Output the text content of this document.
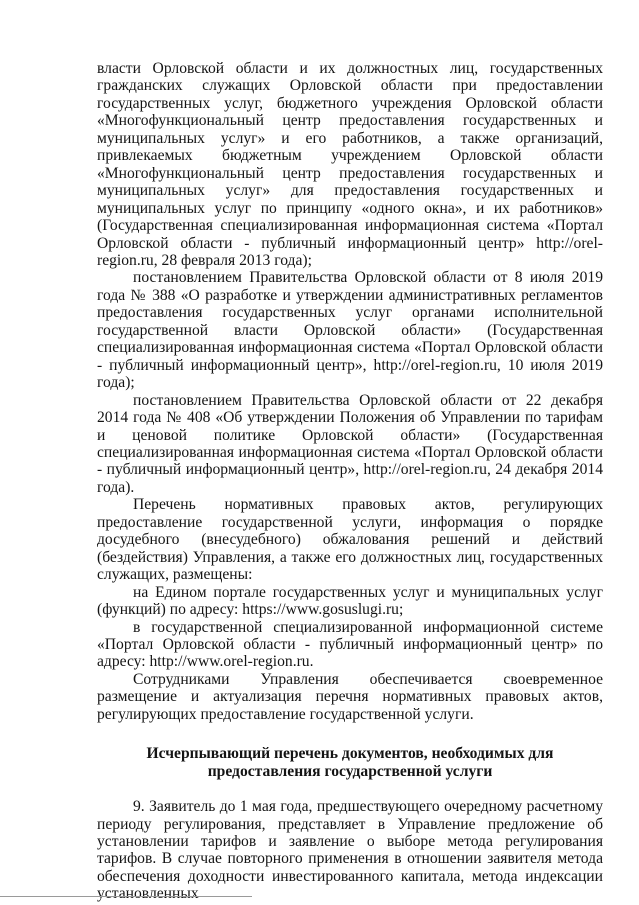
власти Орловской области и их должностных лиц, государственных гражданских служащих Орловской области при предоставлении государственных услуг, бюджетного учреждения Орловской области «Многофункциональный центр предоставления государственных и муниципальных услуг» и его работников, а также организаций, привлекаемых бюджетным учреждением Орловской области «Многофункциональный центр предоставления государственных и муниципальных услуг» для предоставления государственных и муниципальных услуг по принципу «одного окна», и их работников» (Государственная специализированная информационная система «Портал Орловской области - публичный информационный центр» http://orel-region.ru, 28 февраля 2013 года);

постановлением Правительства Орловской области от 8 июля 2019 года № 388 «О разработке и утверждении административных регламентов предоставления государственных услуг органами исполнительной государственной власти Орловской области» (Государственная специализированная информационная система «Портал Орловской области - публичный информационный центр», http://orel-region.ru, 10 июля 2019 года);

постановлением Правительства Орловской области от 22 декабря 2014 года № 408 «Об утверждении Положения об Управлении по тарифам и ценовой политике Орловской области» (Государственная специализированная информационная система «Портал Орловской области - публичный информационный центр», http://orel-region.ru, 24 декабря 2014 года).

Перечень нормативных правовых актов, регулирующих предоставление государственной услуги, информация о порядке досудебного (внесудебного) обжалования решений и действий (бездействия) Управления, а также его должностных лиц, государственных служащих, размещены:

на Едином портале государственных услуг и муниципальных услуг (функций) по адресу: https://www.gosuslugi.ru;

в государственной специализированной информационной системе «Портал Орловской области - публичный информационный центр» по адресу: http://www.orel-region.ru.

Сотрудниками Управления обеспечивается своевременное размещение и актуализация перечня нормативных правовых актов, регулирующих предоставление государственной услуги.

Исчерпывающий перечень документов, необходимых для предоставления государственной услуги

9. Заявитель до 1 мая года, предшествующего очередному расчетному периоду регулирования, представляет в Управление предложение об установлении тарифов и заявление о выборе метода регулирования тарифов. В случае повторного применения в отношении заявителя метода обеспечения доходности инвестированного капитала, метода индексации установленных
